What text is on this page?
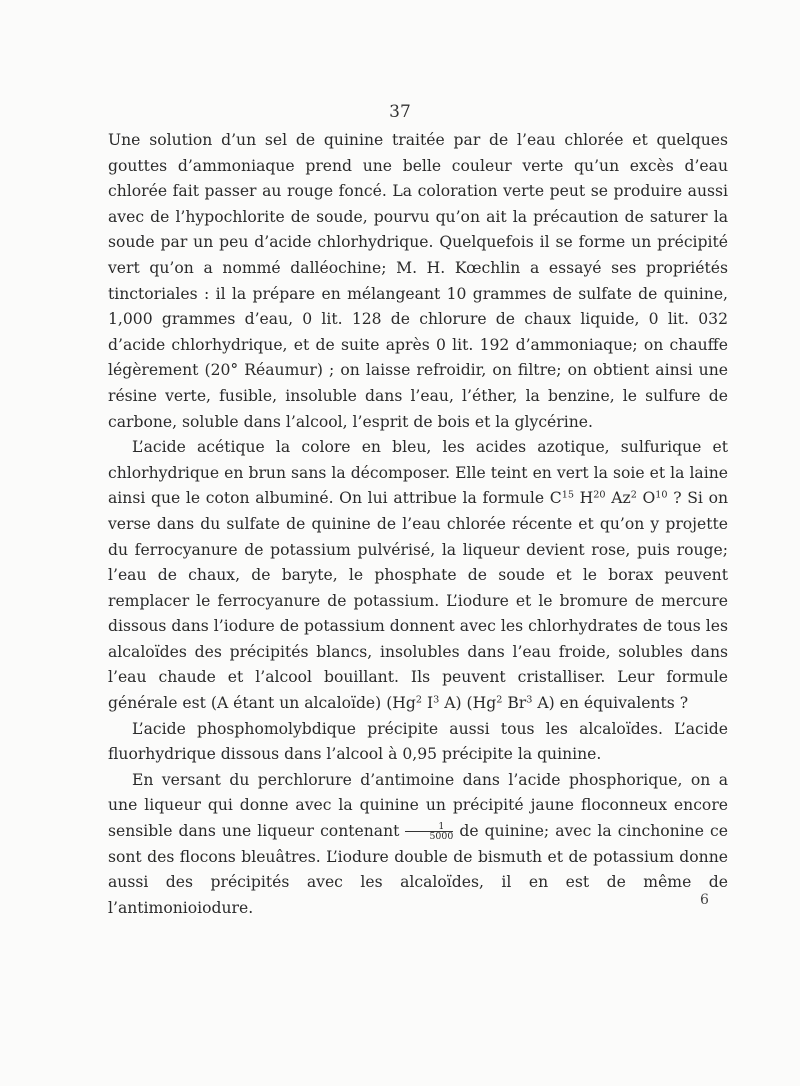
37

Une solution d’un sel de quinine traitée par de l’eau chlorée et quelques gouttes d’ammoniaque prend une belle couleur verte qu’un excès d’eau chlorée fait passer au rouge foncé. La coloration verte peut se produire aussi avec de l’hypochlorite de soude, pourvu qu’on ait la précaution de saturer la soude par un peu d’acide chlorhydrique. Quelquefois il se forme un précipité vert qu’on a nommé dalléochine; M. H. Kœchlin a essayé ses propriétés tinctoriales : il la prépare en mélangeant 10 grammes de sulfate de quinine, 1,000 grammes d’eau, 0 lit. 128 de chlorure de chaux liquide, 0 lit. 032 d’acide chlorhydrique, et de suite après 0 lit. 192 d’ammoniaque; on chauffe légèrement (20° Réaumur) ; on laisse refroidir, on filtre; on obtient ainsi une résine verte, fusible, insoluble dans l’eau, l’éther, la benzine, le sulfure de carbone, soluble dans l’alcool, l’esprit de bois et la glycérine.

L’acide acétique la colore en bleu, les acides azotique, sulfurique et chlorhydrique en brun sans la décomposer. Elle teint en vert la soie et la laine ainsi que le coton albuminé. On lui attribue la formule $C^{15}$ $H^{20}$ Az$^2$ $O^{10}$ ? Si on verse dans du sulfate de quinine de l’eau chlorée récente et qu’on y projette du ferrocyanure de potassium pulvérisé, la liqueur devient rose, puis rouge; l’eau de chaux, de baryte, le phosphate de soude et le borax peuvent remplacer le ferrocyanure de potassium. L’iodure et le bromure de mercure dissous dans l’iodure de potassium donnent avec les chlorhydrates de tous les alcaloïdes des précipités blancs, insolubles dans l’eau froide, solubles dans l’eau chaude et l’alcool bouillant. Ils peuvent cristalliser. Leur formule générale est (A étant un alcaloïde) (Hg$^2$ $I^3$ A) (Hg$^2$ Br$^3$ A) en équivalents ?

L’acide phosphomolybdique précipite aussi tous les alcaloïdes. L’acide fluorhydrique dissous dans l’alcool à 0,95 précipite la quinine.

En versant du perchlorure d’antimoine dans l’acide phosphorique, on a une liqueur qui donne avec la quinine un précipité jaune floconneux encore sensible dans une liqueur contenant $\frac{1}{5000}$ de quinine; avec la cinchonine ce sont des flocons bleuâtres. L’iodure double de bismuth et de potassium donne aussi des précipités avec les alcaloïdes, il en est de même de l’antimonioiodure.	6
